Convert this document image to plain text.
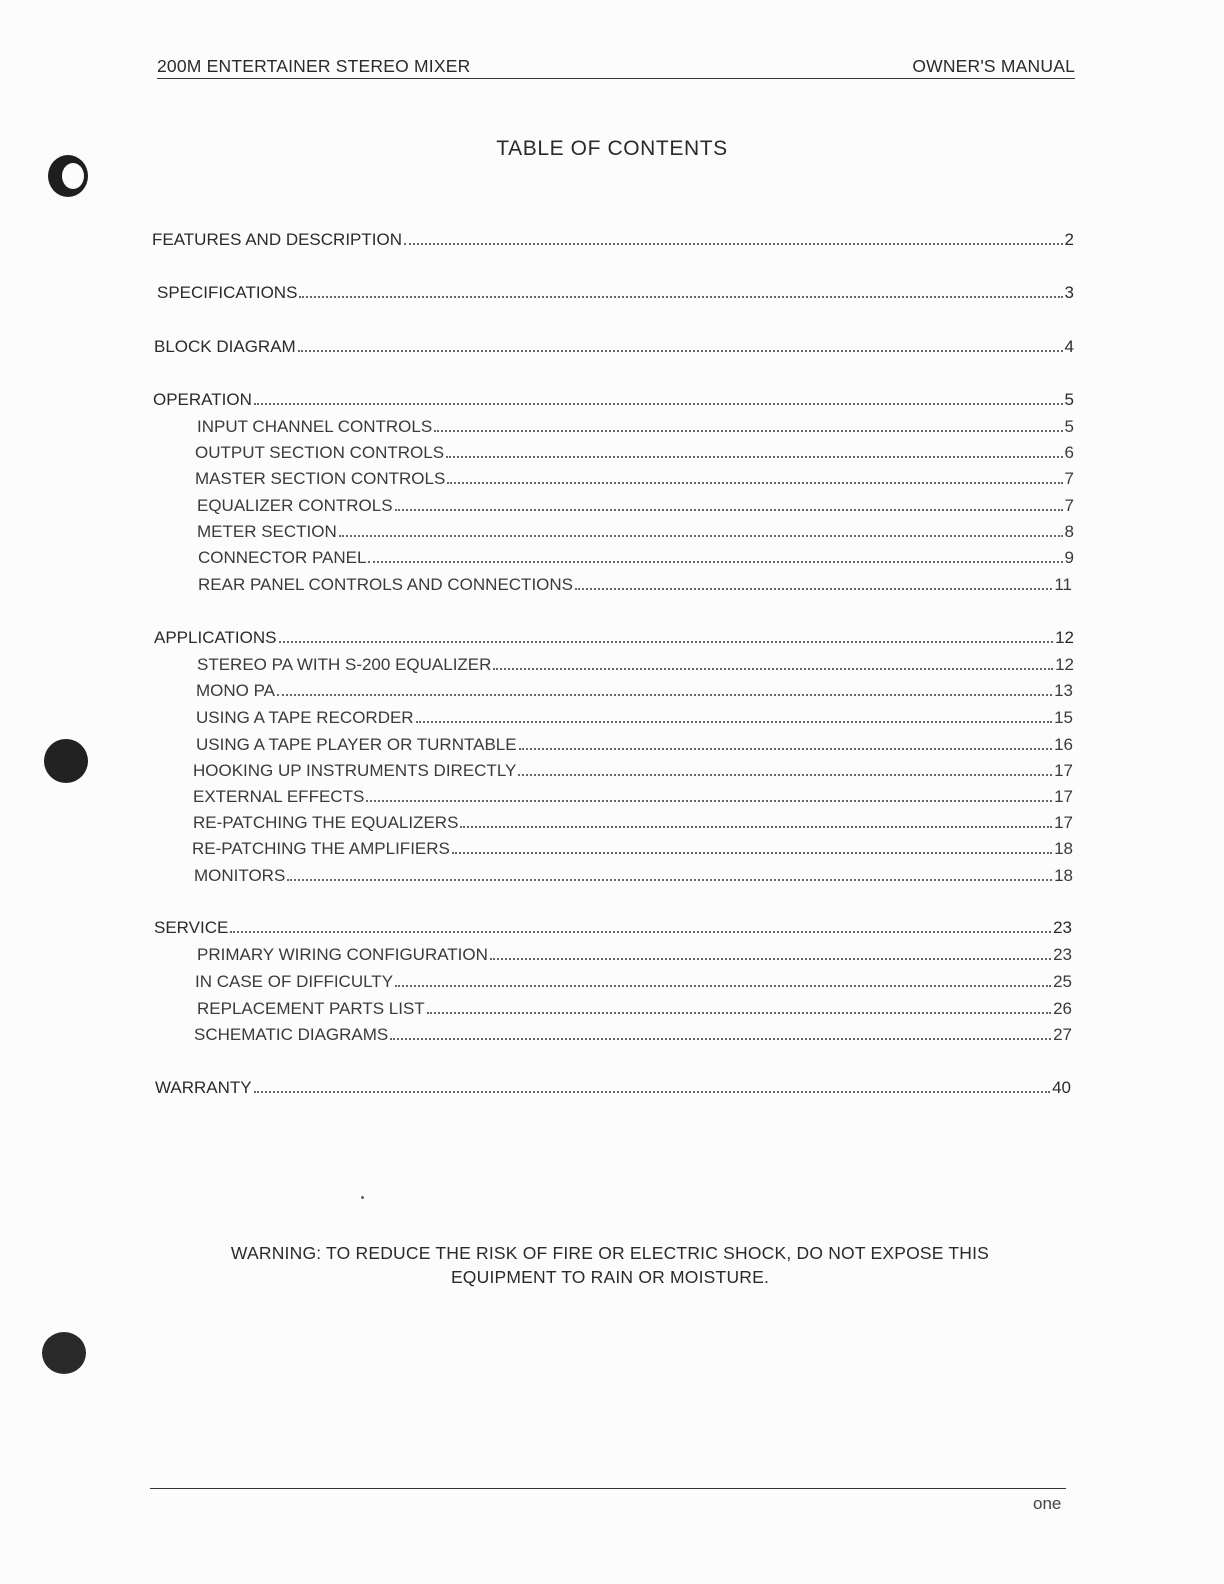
200M ENTERTAINER STEREO MIXER	OWNER'S MANUAL
TABLE OF CONTENTS
FEATURES AND DESCRIPTION	2
SPECIFICATIONS	3
BLOCK DIAGRAM	4
OPERATION	5
INPUT CHANNEL CONTROLS	5
OUTPUT SECTION CONTROLS	6
MASTER SECTION CONTROLS	7
EQUALIZER CONTROLS	7
METER SECTION	8
CONNECTOR PANEL	9
REAR PANEL CONTROLS AND CONNECTIONS	11
APPLICATIONS	12
STEREO PA WITH S-200 EQUALIZER	12
MONO PA	13
USING A TAPE RECORDER	15
USING A TAPE PLAYER OR TURNTABLE	16
HOOKING UP INSTRUMENTS DIRECTLY	17
EXTERNAL EFFECTS	17
RE-PATCHING THE EQUALIZERS	17
RE-PATCHING THE AMPLIFIERS	18
MONITORS	18
SERVICE	23
PRIMARY WIRING CONFIGURATION	23
IN CASE OF DIFFICULTY	25
REPLACEMENT PARTS LIST	26
SCHEMATIC DIAGRAMS	27
WARRANTY	40
WARNING: TO REDUCE THE RISK OF FIRE OR ELECTRIC SHOCK, DO NOT EXPOSE THIS
EQUIPMENT TO RAIN OR MOISTURE.
one
